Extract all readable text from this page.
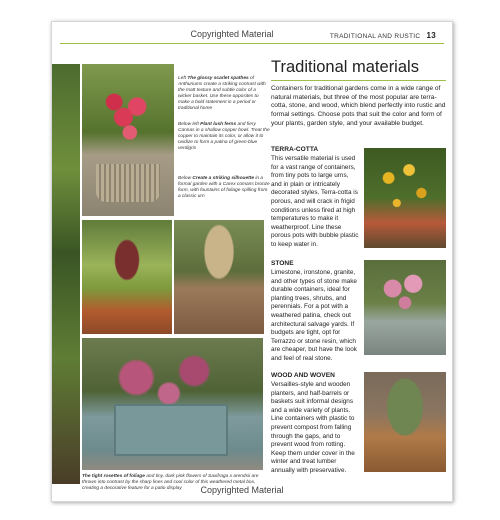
Copyrighted Material	TRADITIONAL AND RUSTIC 13
Left The glossy scarlet spathes of Anthuriums create a striking contrast with the matt texture and subtle color of a wicker basket. Use these opposites to make a bold statement in a period or traditional home
Below left Plant lush ferns and fiery Cannas in a shallow copper bowl. Treat the copper to maintain its color, or allow it to oxidize to form a patina of green-blue verdigris
Below Create a striking silhouette in a formal garden with a Carex comans bronze form, with fountains of foliage spilling from a classic urn
The tight rosettes of foliage and tiny, dark pink flowers of Saxifraga x arendsii are thrown into contrast by the sharp lines and cool color of this weathered metal box, creating a decorative feature for a patio display
Traditional materials
Containers for traditional gardens come in a wide range of natural materials, but three of the most popular are terra-cotta, stone, and wood, which blend perfectly into rustic and formal settings. Choose pots that suit the color and form of your plants, garden style, and your available budget.
TERRA-COTTA
This versatile material is used for a vast range of containers, from tiny pots to large urns, and in plain or intricately decorated styles. Terra-cotta is porous, and will crack in frigid conditions unless fired at high temperatures to make it weatherproof. Line these porous pots with bubble plastic to keep water in.
STONE
Limestone, ironstone, granite, and other types of stone make durable containers, ideal for planting trees, shrubs, and perennials. For a pot with a weathered patina, check out architectural salvage yards. If budgets are tight, opt for Terrazzo or stone resin, which are cheaper, but have the look and feel of real stone.
WOOD AND WOVEN
Versailles-style and wooden planters, and half-barrels or baskets suit informal designs and a wide variety of plants. Line containers with plastic to prevent compost from falling through the gaps, and to prevent wood from rotting. Keep them under cover in the winter and treat lumber annually with preservative.
Copyrighted Material
